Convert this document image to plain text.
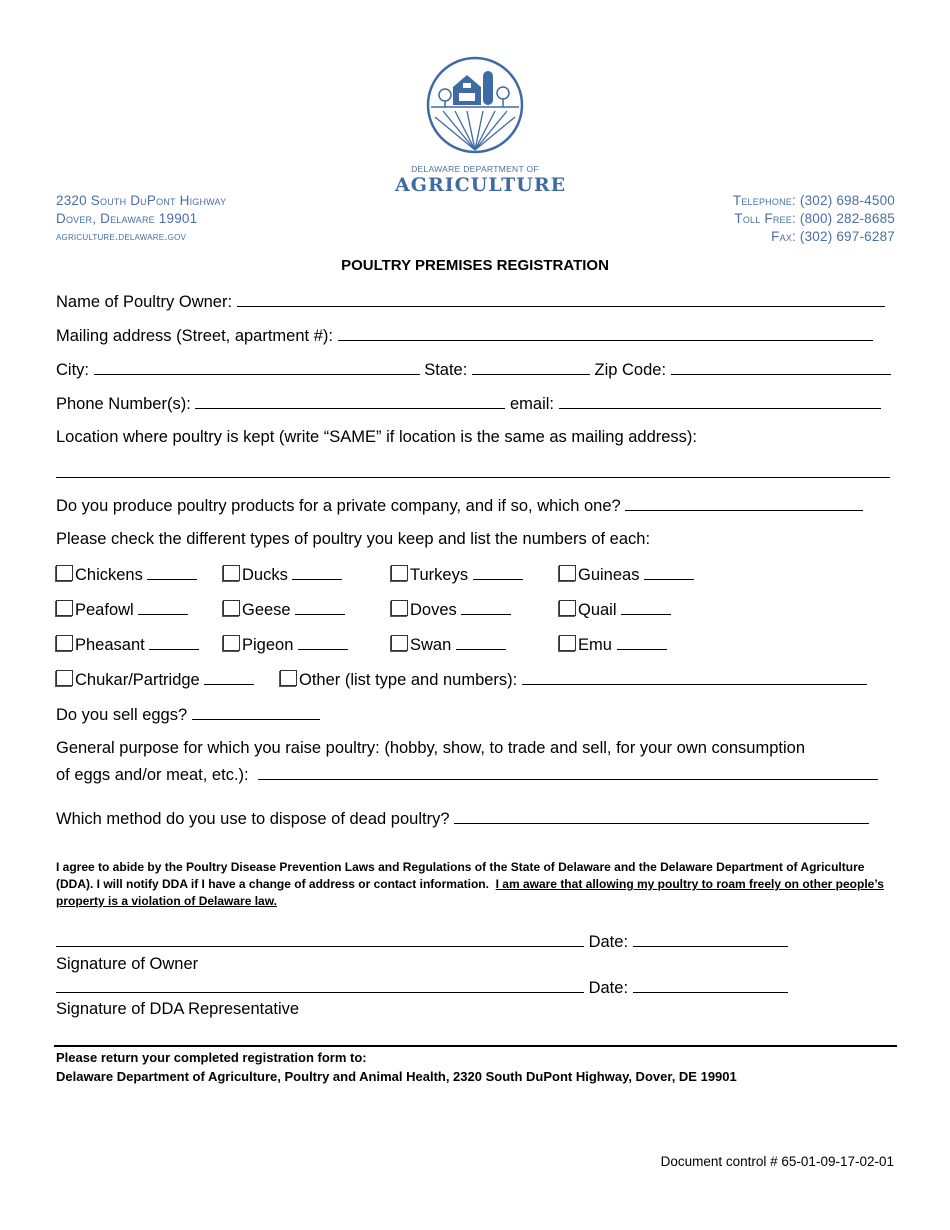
DELAWARE DEPARTMENT OF
AGRICULTURE
2320 South DuPont Highway
Dover, Delaware 19901
agriculture.delaware.gov
Telephone: (302) 698-4500
Toll Free: (800) 282-8685
Fax: (302) 697-6287
POULTRY PREMISES REGISTRATION
Name of Poultry Owner:
Mailing address (Street, apartment #):
City:	State:	Zip Code:
Phone Number(s):	email:
Location where poultry is kept (write “SAME” if location is the same as mailing address):
Do you produce poultry products for a private company, and if so, which one?
Please check the different types of poultry you keep and list the numbers of each:
Chickens	Ducks	Turkeys	Guineas
Peafowl	Geese	Doves	Quail
Pheasant	Pigeon	Swan	Emu
Chukar/Partridge	Other (list type and numbers):
Do you sell eggs?
General purpose for which you raise poultry: (hobby, show, to trade and sell, for your own consumption
of eggs and/or meat, etc.):
Which method do you use to dispose of dead poultry?
I agree to abide by the Poultry Disease Prevention Laws and Regulations of the State of Delaware and the Delaware Department of Agriculture (DDA). I will notify DDA if I have a change of address or contact information. I am aware that allowing my poultry to roam freely on other people’s property is a violation of Delaware law.
Date:
Signature of Owner
Date:
Signature of DDA Representative
Please return your completed registration form to:
Delaware Department of Agriculture, Poultry and Animal Health, 2320 South DuPont Highway, Dover, DE 19901
Document control # 65-01-09-17-02-01
